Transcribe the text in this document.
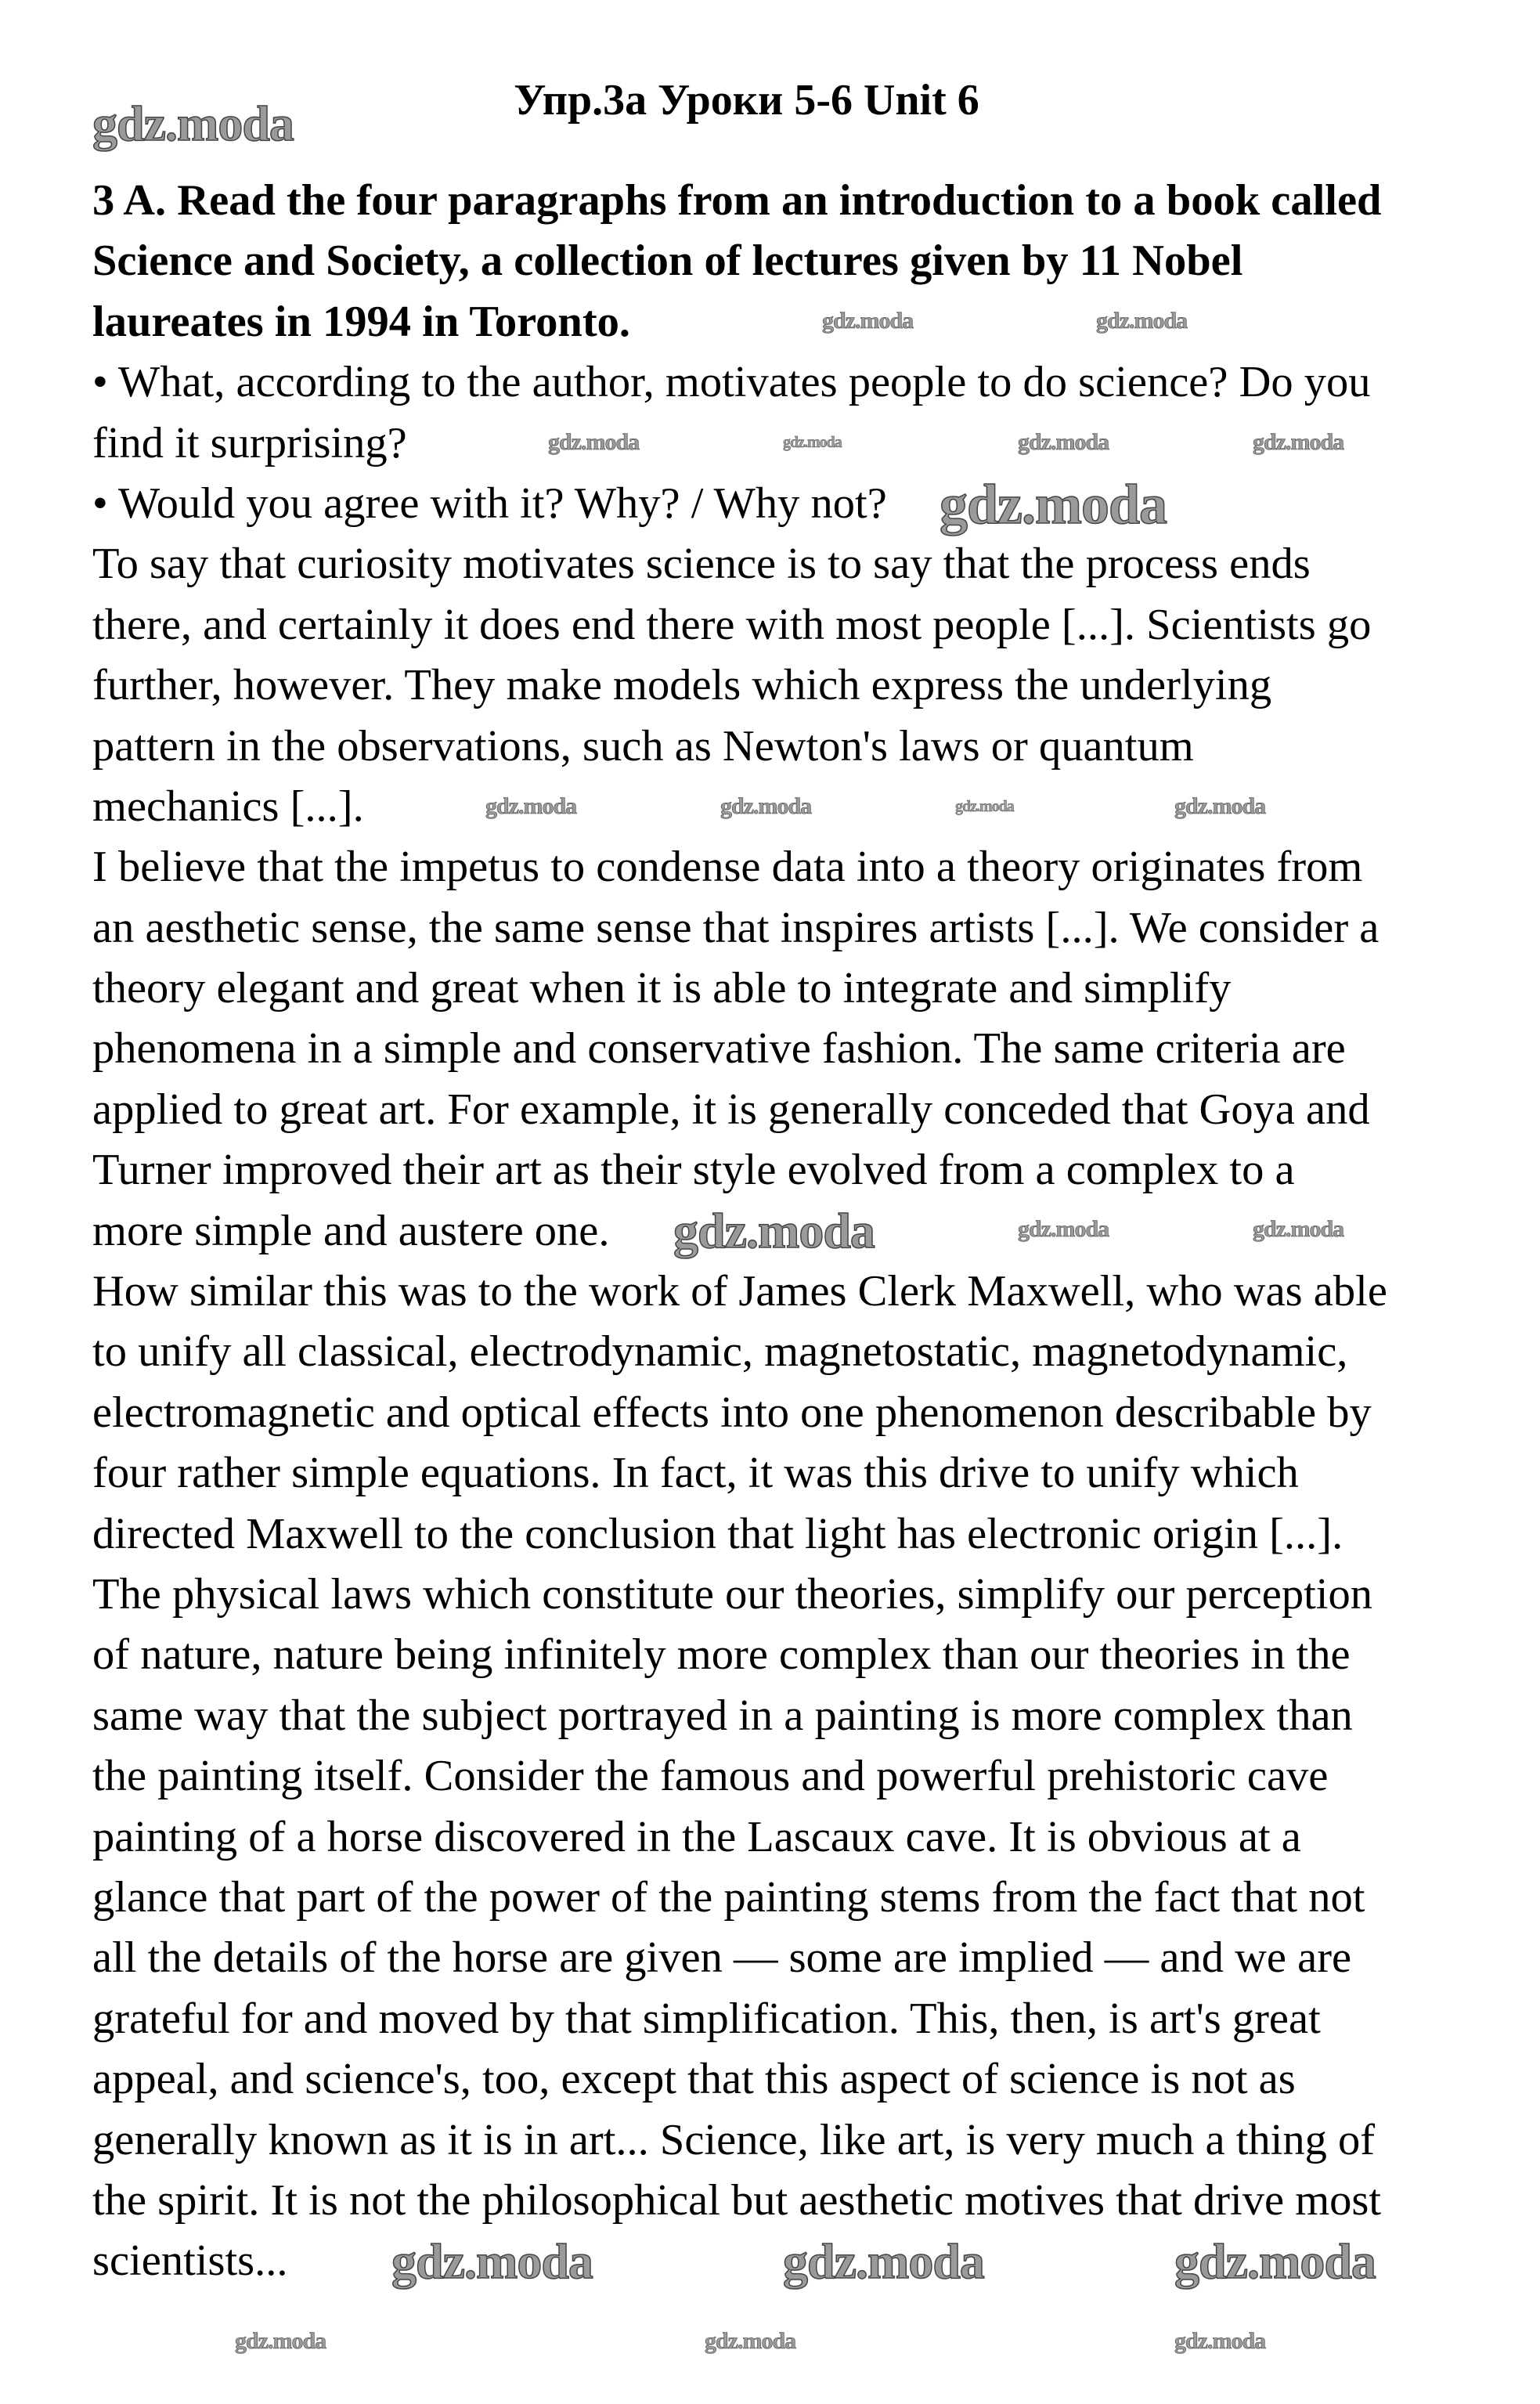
Упр.3а Уроки 5-6 Unit 6
3 A. Read the four paragraphs from an introduction to a book called
Science and Society, a collection of lectures given by 11 Nobel
laureates in 1994 in Toronto.
• What, according to the author, motivates people to do science? Do you
find it surprising?
• Would you agree with it? Why? / Why not?
To say that curiosity motivates science is to say that the process ends
there, and certainly it does end there with most people [...]. Scientists go
further, however. They make models which express the underlying
pattern in the observations, such as Newton's laws or quantum
mechanics [...].
I believe that the impetus to condense data into a theory originates from
an aesthetic sense, the same sense that inspires artists [...]. We consider a
theory elegant and great when it is able to integrate and simplify
phenomena in a simple and conservative fashion. The same criteria are
applied to great art. For example, it is generally conceded that Goya and
Turner improved their art as their style evolved from a complex to a
more simple and austere one.
How similar this was to the work of James Clerk Maxwell, who was able
to unify all classical, electrodynamic, magnetostatic, magnetodynamic,
electromagnetic and optical effects into one phenomenon describable by
four rather simple equations. In fact, it was this drive to unify which
directed Maxwell to the conclusion that light has electronic origin [...].
The physical laws which constitute our theories, simplify our perception
of nature, nature being infinitely more complex than our theories in the
same way that the subject portrayed in a painting is more complex than
the painting itself. Consider the famous and powerful prehistoric cave
painting of a horse discovered in the Lascaux cave. It is obvious at a
glance that part of the power of the painting stems from the fact that not
all the details of the horse are given — some are implied — and we are
grateful for and moved by that simplification. This, then, is art's great
appeal, and science's, too, except that this aspect of science is not as
generally known as it is in art... Science, like art, is very much a thing of
the spirit. It is not the philosophical but aesthetic motives that drive most
scientists...
gdz.moda
gdz.moda
gdz.moda
gdz.moda	gdz.moda	gdz.moda
gdz.moda	gdz.moda
gdz.moda	gdz.moda	gdz.moda	gdz.moda
gdz.moda	gdz.moda	gdz.moda	gdz.moda
gdz.moda	gdz.moda
gdz.moda	gdz.moda	gdz.moda
